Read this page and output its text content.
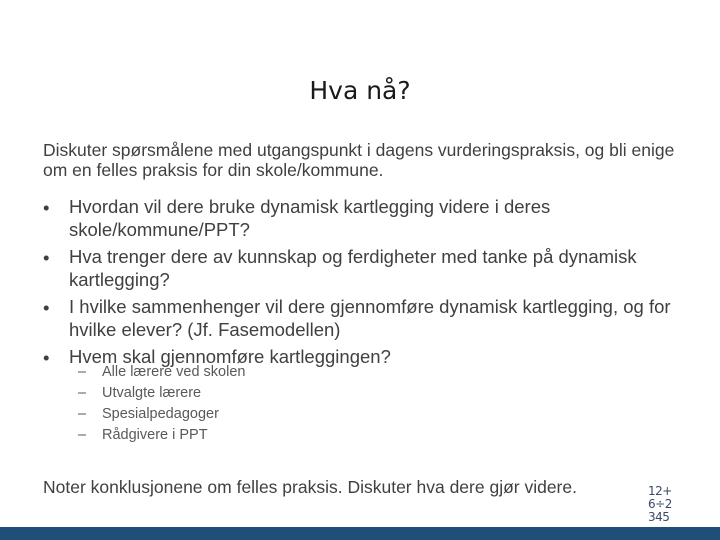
Hva nå?
Diskuter spørsmålene med utgangspunkt i dagens vurderingspraksis, og bli enige om en felles praksis for din skole/kommune.
•	Hvordan vil dere bruke dynamisk kartlegging videre i deres skole/kommune/PPT?
•	Hva trenger dere av kunnskap og ferdigheter med tanke på dynamisk kartlegging?
•	I hvilke sammenhenger vil dere gjennomføre dynamisk kartlegging, og for hvilke elever? (Jf. Fasemodellen)
•	Hvem skal gjennomføre kartleggingen?
– Alle lærere ved skolen
– Utvalgte lærere
– Spesialpedagoger
– Rådgivere i PPT
Noter konklusjonene om felles praksis. Diskuter hva dere gjør videre.	12+
6÷2
345
